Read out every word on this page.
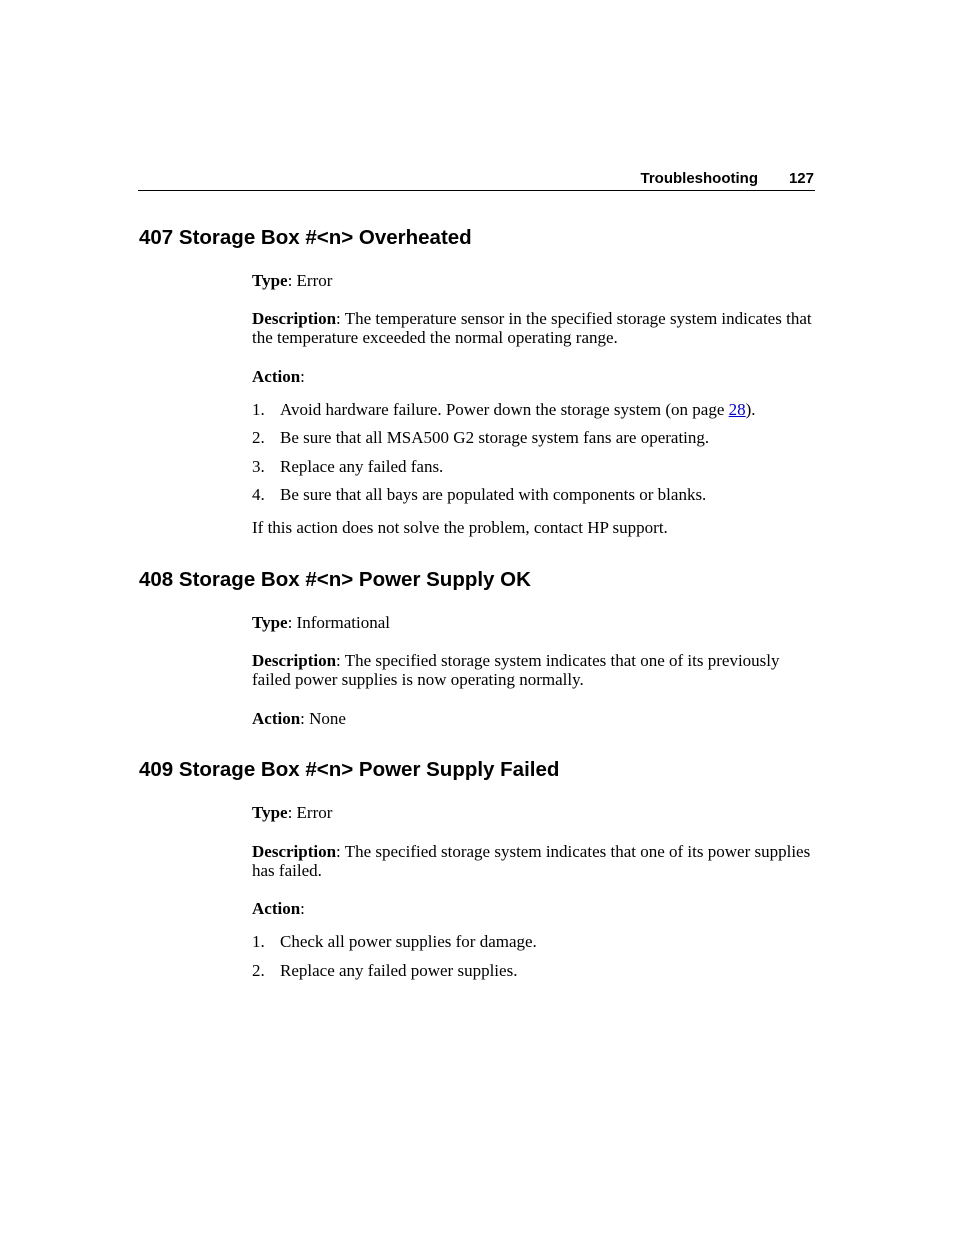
Troubleshooting 127
407 Storage Box #<n> Overheated

Type: Error

Description: The temperature sensor in the specified storage system indicates that the temperature exceeded the normal operating range.

Action:

1. Avoid hardware failure. Power down the storage system (on page 28).
2. Be sure that all MSA500 G2 storage system fans are operating.
3. Replace any failed fans.
4. Be sure that all bays are populated with components or blanks.

If this action does not solve the problem, contact HP support.

408 Storage Box #<n> Power Supply OK

Type: Informational

Description: The specified storage system indicates that one of its previously failed power supplies is now operating normally.

Action: None

409 Storage Box #<n> Power Supply Failed

Type: Error

Description: The specified storage system indicates that one of its power supplies has failed.

Action:

1. Check all power supplies for damage.
2. Replace any failed power supplies.
